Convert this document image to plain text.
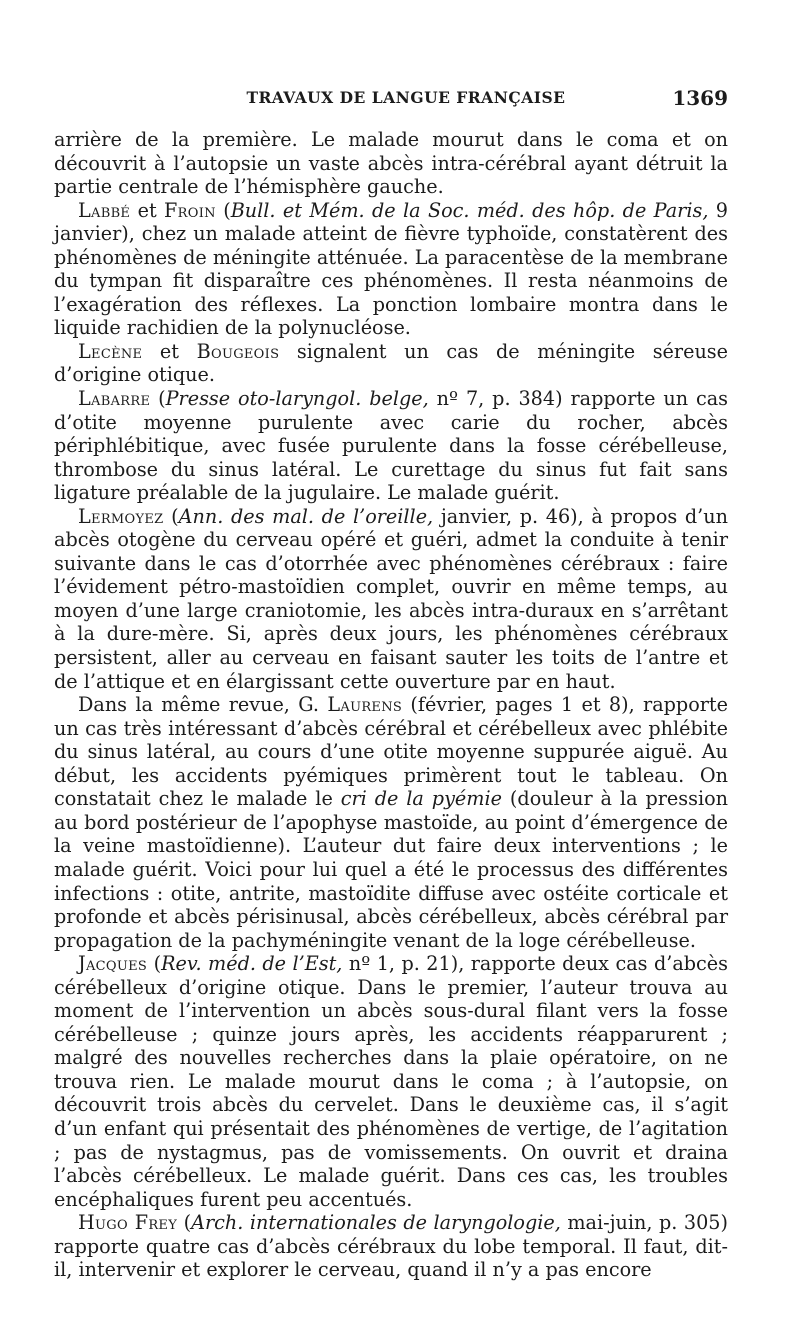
TRAVAUX DE LANGUE FRANÇAISE	1369

arrière de la première. Le malade mourut dans le coma et on découvrit à l’autopsie un vaste abcès intra-cérébral ayant détruit la partie centrale de l’hémisphère gauche.

Labbé et Froin (Bull. et Mém. de la Soc. méd. des hôp. de Paris, 9 janvier), chez un malade atteint de fièvre typhoïde, constatèrent des phénomènes de méningite atténuée. La paracentèse de la membrane du tympan fit disparaître ces phénomènes. Il resta néanmoins de l’exagération des réflexes. La ponction lombaire montra dans le liquide rachidien de la polynucléose.

Lecène et Bougeois signalent un cas de méningite séreuse d’origine otique.

Labarre (Presse oto-laryngol. belge, nº 7, p. 384) rapporte un cas d’otite moyenne purulente avec carie du rocher, abcès périphlébitique, avec fusée purulente dans la fosse cérébelleuse, thrombose du sinus latéral. Le curettage du sinus fut fait sans ligature préalable de la jugulaire. Le malade guérit.

Lermoyez (Ann. des mal. de l’oreille, janvier, p. 46), à propos d’un abcès otogène du cerveau opéré et guéri, admet la conduite à tenir suivante dans le cas d’otorrhée avec phénomènes cérébraux : faire l’évidement pétro-mastoïdien complet, ouvrir en même temps, au moyen d’une large craniotomie, les abcès intra-duraux en s’arrêtant à la dure-mère. Si, après deux jours, les phénomènes cérébraux persistent, aller au cerveau en faisant sauter les toits de l’antre et de l’attique et en élargissant cette ouverture par en haut.

Dans la même revue, G. Laurens (février, pages 1 et 8), rapporte un cas très intéressant d’abcès cérébral et cérébelleux avec phlébite du sinus latéral, au cours d’une otite moyenne suppurée aiguë. Au début, les accidents pyémiques primèrent tout le tableau. On constatait chez le malade le cri de la pyémie (douleur à la pression au bord postérieur de l’apophyse mastoïde, au point d’émergence de la veine mastoïdienne). L’auteur dut faire deux interventions ; le malade guérit. Voici pour lui quel a été le processus des différentes infections : otite, antrite, mastoïdite diffuse avec ostéite corticale et profonde et abcès périsinusal, abcès cérébelleux, abcès cérébral par propagation de la pachyméningite venant de la loge cérébelleuse.

Jacques (Rev. méd. de l’Est, nº 1, p. 21), rapporte deux cas d’abcès cérébelleux d’origine otique. Dans le premier, l’auteur trouva au moment de l’intervention un abcès sous-dural filant vers la fosse cérébelleuse ; quinze jours après, les accidents réapparurent ; malgré des nouvelles recherches dans la plaie opératoire, on ne trouva rien. Le malade mourut dans le coma ; à l’autopsie, on découvrit trois abcès du cervelet. Dans le deuxième cas, il s’agit d’un enfant qui présentait des phénomènes de vertige, de l’agitation ; pas de nystagmus, pas de vomissements. On ouvrit et draina l’abcès cérébelleux. Le malade guérit. Dans ces cas, les troubles encéphaliques furent peu accentués.

Hugo Frey (Arch. internationales de laryngologie, mai-juin, p. 305) rapporte quatre cas d’abcès cérébraux du lobe temporal. Il faut, dit-il, intervenir et explorer le cerveau, quand il n’y a pas encore
